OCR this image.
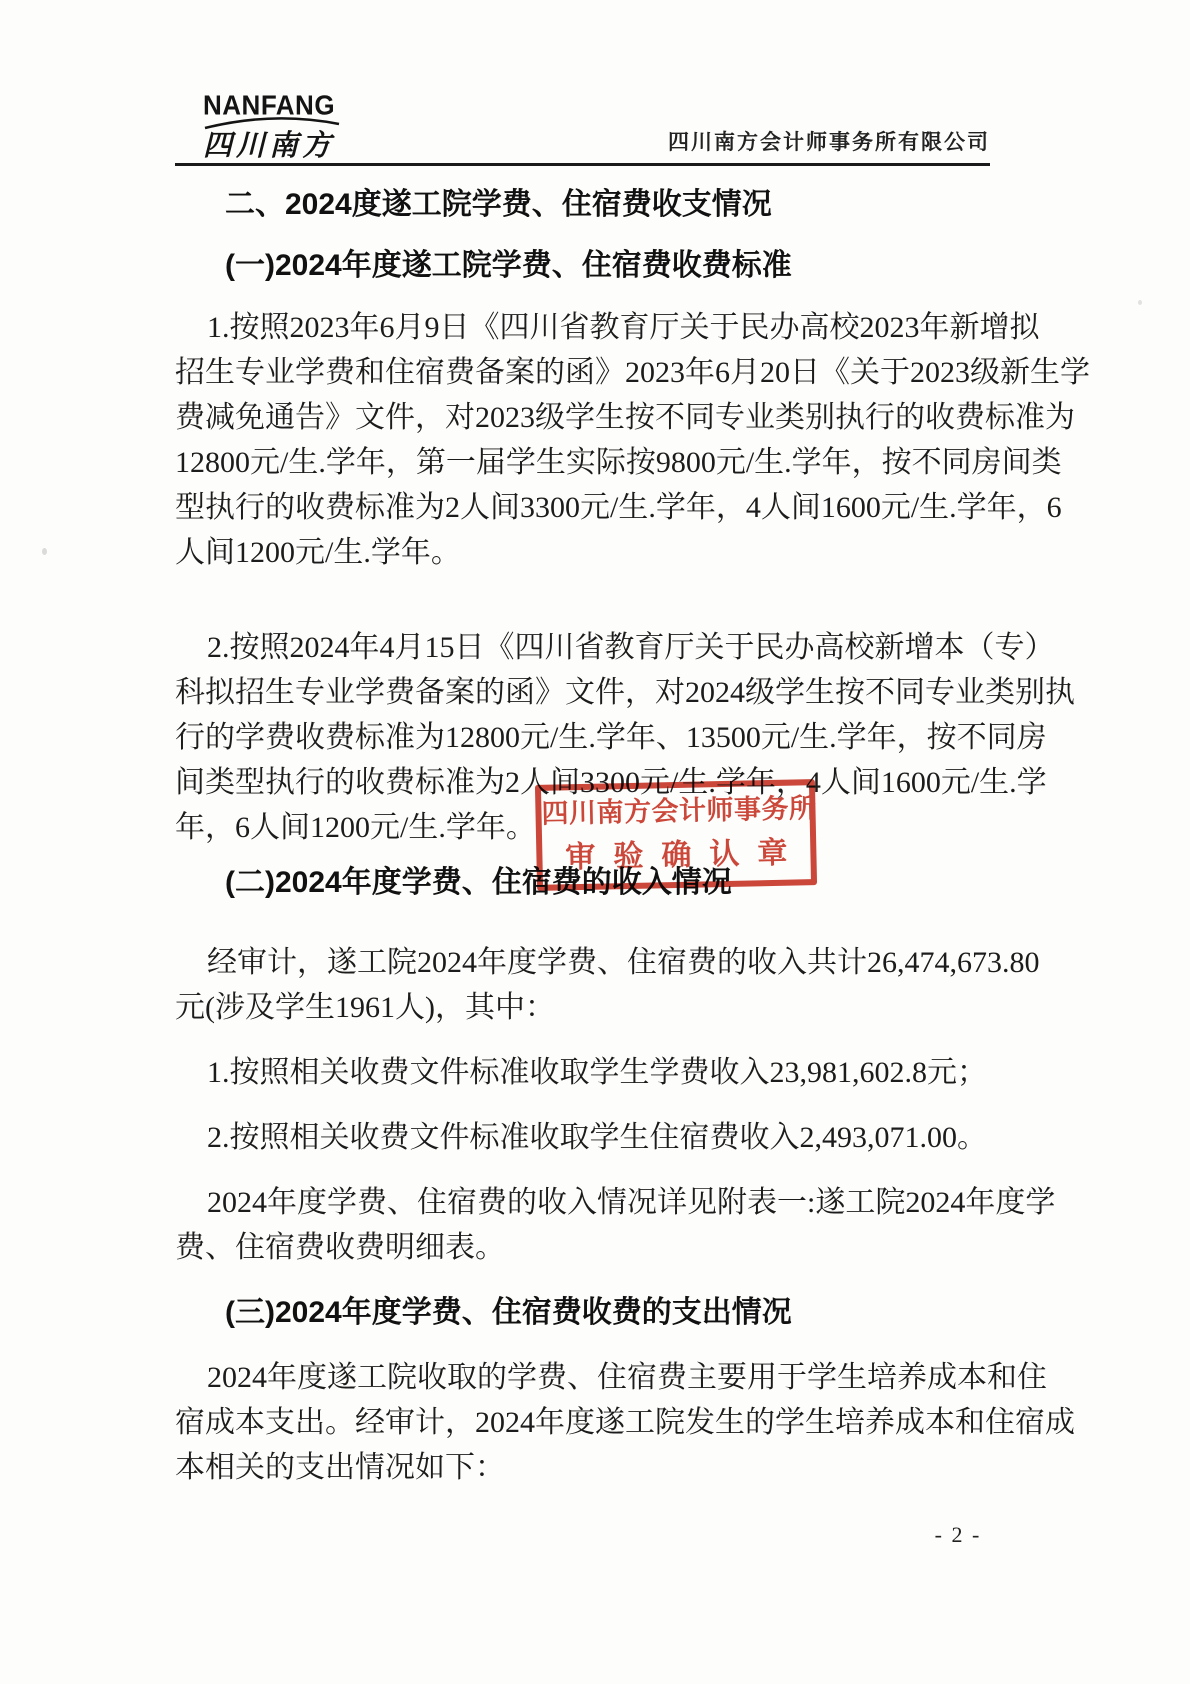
NANFANG
四川南方	四川南方会计师事务所有限公司
二、2024度遂工院学费、住宿费收支情况
(一)2024年度遂工院学费、住宿费收费标准
1.按照2023年6月9日《四川省教育厅关于民办高校2023年新增拟
招生专业学费和住宿费备案的函》2023年6月20日《关于2023级新生学
费减免通告》文件，对2023级学生按不同专业类别执行的收费标准为
12800元/生.学年，第一届学生实际按9800元/生.学年，按不同房间类
型执行的收费标准为2人间3300元/生.学年，4人间1600元/生.学年，6
人间1200元/生.学年。
2.按照2024年4月15日《四川省教育厅关于民办高校新增本（专）
科拟招生专业学费备案的函》文件，对2024级学生按不同专业类别执
行的学费收费标准为12800元/生.学年、13500元/生.学年，按不同房
间类型执行的收费标准为2人间3300元/生.学年，4人间1600元/生.学
年，6人间1200元/生.学年。
(二)2024年度学费、住宿费的收入情况
经审计，遂工院2024年度学费、住宿费的收入共计26,474,673.80
元(涉及学生1961人)，其中：
1.按照相关收费文件标准收取学生学费收入23,981,602.8元；
2.按照相关收费文件标准收取学生住宿费收入2,493,071.00。
2024年度学费、住宿费的收入情况详见附表一:遂工院2024年度学
费、住宿费收费明细表。
(三)2024年度学费、住宿费收费的支出情况
2024年度遂工院收取的学费、住宿费主要用于学生培养成本和住
宿成本支出。经审计，2024年度遂工院发生的学生培养成本和住宿成
本相关的支出情况如下：
四川南方会计师事务所
审验确认章
- 2 -
